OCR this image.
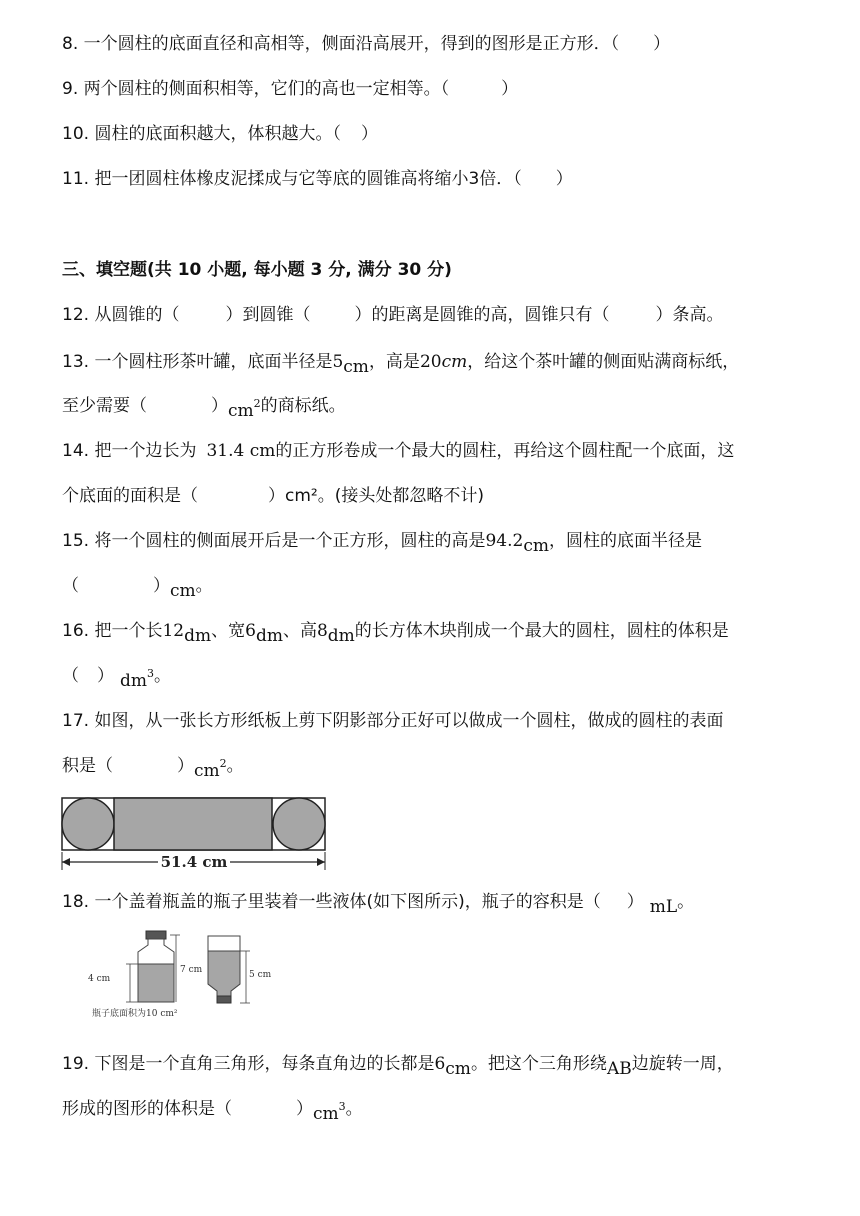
8. 一个圆柱的底面直径和高相等，侧面沿高展开，得到的图形是正方形．（ ）
9. 两个圆柱的侧面积相等，它们的高也一定相等。（	）
10. 圆柱的底面积越大，体积越大。（ ）
11. 把一团圆柱体橡皮泥揉成与它等底的圆锥高将缩小3倍．（ ）
三、填空题(共 10 小题, 每小题 3 分, 满分 30 分)
12. 从圆锥的（	）到圆锥（	）的距离是圆锥的高，圆锥只有（	）条高。
13. 一个圆柱形茶叶罐，底面半径是5cm，高是20cm，给这个茶叶罐的侧面贴满商标纸，
至少需要（	）$cm^2$的商标纸。
14. 把一个边长为 31.4 cm的正方形卷成一个最大的圆柱，再给这个圆柱配一个底面，这
个底面的面积是（	）cm²。(接头处都忽略不计)
15. 将一个圆柱的侧面展开后是一个正方形，圆柱的高是94.2cm，圆柱的底面半径是
（	）cm。
16. 把一个长12dm、宽6dm、高8dm的长方体木块削成一个最大的圆柱，圆柱的体积是
（ ） $dm^3$。
17. 如图，从一张长方形纸板上剪下阴影部分正好可以做成一个圆柱，做成的圆柱的表面
积是（	）$cm^2$。
51.4 cm
18. 一个盖着瓶盖的瓶子里装着一些液体(如下图所示)，瓶子的容积是（ ） mL。
4 cm
7 cm	5 cm
瓶子底面积为10 cm²
19. 下图是一个直角三角形，每条直角边的长都是6cm。把这个三角形绕AB边旋转一周，
形成的图形的体积是（	）$cm^3$。
